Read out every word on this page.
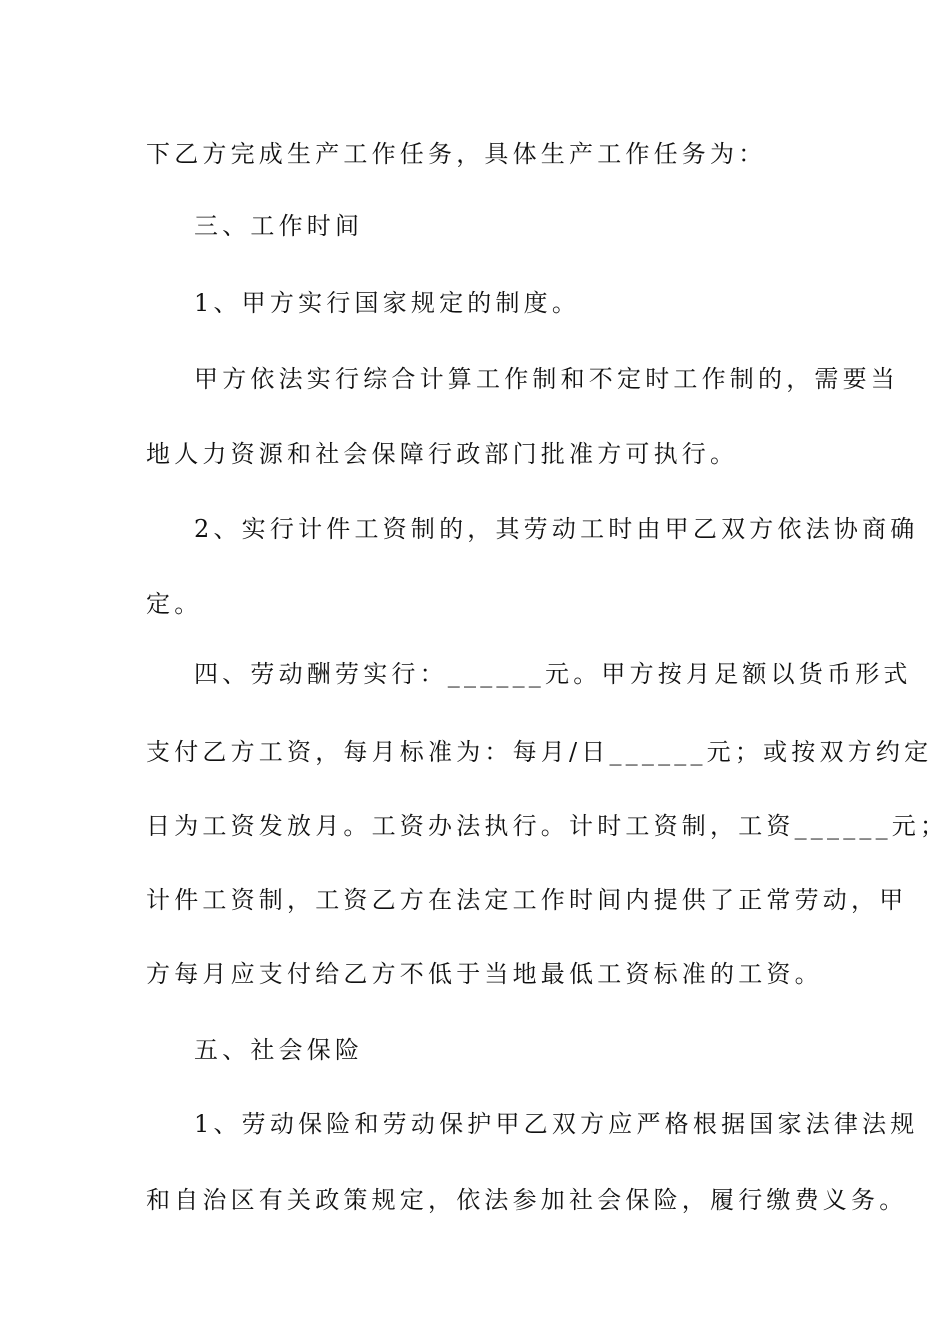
下乙方完成生产工作任务，具体生产工作任务为：
三、工作时间
1、甲方实行国家规定的制度。
甲方依法实行综合计算工作制和不定时工作制的，需要当
地人力资源和社会保障行政部门批准方可执行。
2、实行计件工资制的，其劳动工时由甲乙双方依法协商确
定。
四、劳动酬劳实行：______元。甲方按月足额以货币形式
支付乙方工资，每月标准为：每月/日______元；或按双方约定
日为工资发放月。工资办法执行。计时工资制，工资______元；
计件工资制，工资乙方在法定工作时间内提供了正常劳动，甲
方每月应支付给乙方不低于当地最低工资标准的工资。
五、社会保险
1、劳动保险和劳动保护甲乙双方应严格根据国家法律法规
和自治区有关政策规定，依法参加社会保险，履行缴费义务。
